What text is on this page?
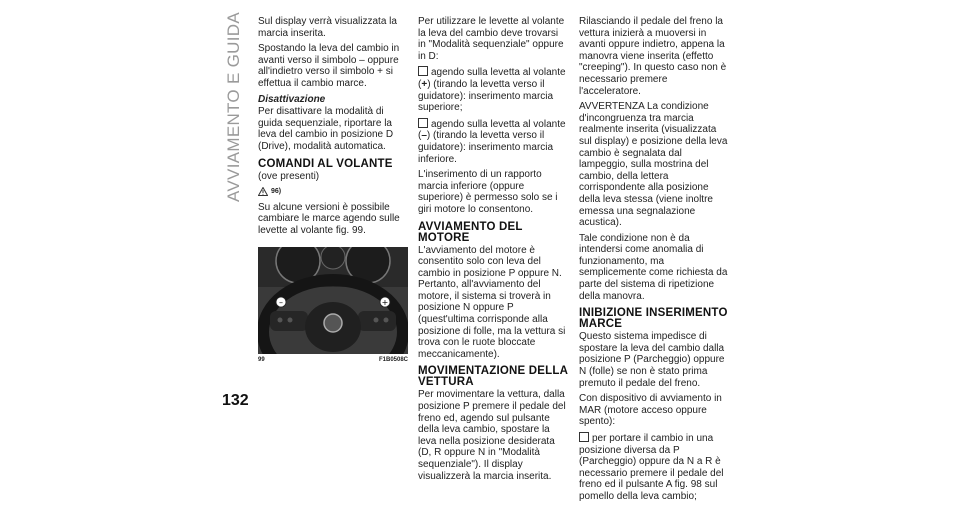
AVVIAMENTO E GUIDA
132

Sul display verrà visualizzata la marcia inserita.

Spostando la leva del cambio in avanti verso il simbolo – oppure all'indietro verso il simbolo + si effettua il cambio marce.

Disattivazione

Per disattivare la modalità di guida sequenziale, riportare la leva del cambio in posizione D (Drive), modalità automatica.

COMANDI AL VOLANTE

(ove presenti)

96)

Su alcune versioni è possibile cambiare le marce agendo sulle levette al volante fig. 99.

–	+
99	F1B0508C

Per utilizzare le levette al volante la leva del cambio deve trovarsi in "Modalità sequenziale" oppure in D:

agendo sulla levetta al volante (+) (tirando la levetta verso il guidatore): inserimento marcia superiore;

agendo sulla levetta al volante (–) (tirando la levetta verso il guidatore): inserimento marcia inferiore.

L'inserimento di un rapporto marcia inferiore (oppure superiore) è permesso solo se i giri motore lo consentono.

AVVIAMENTO DEL MOTORE

L'avviamento del motore è consentito solo con leva del cambio in posizione P oppure N. Pertanto, all'avviamento del motore, il sistema si troverà in posizione N oppure P (quest'ultima corrisponde alla posizione di folle, ma la vettura si trova con le ruote bloccate meccanicamente).

MOVIMENTAZIONE DELLA VETTURA

Per movimentare la vettura, dalla posizione P premere il pedale del freno ed, agendo sul pulsante della leva cambio, spostare la leva nella posizione desiderata (D, R oppure N in "Modalità sequenziale"). Il display visualizzerà la marcia inserita.

Rilasciando il pedale del freno la vettura inizierà a muoversi in avanti oppure indietro, appena la manovra viene inserita (effetto "creeping"). In questo caso non è necessario premere l'acceleratore.

AVVERTENZA La condizione d'incongruenza tra marcia realmente inserita (visualizzata sul display) e posizione della leva cambio è segnalata dal lampeggio, sulla mostrina del cambio, della lettera corrispondente alla posizione della leva stessa (viene inoltre emessa una segnalazione acustica).

Tale condizione non è da intendersi come anomalia di funzionamento, ma semplicemente come richiesta da parte del sistema di ripetizione della manovra.

INIBIZIONE INSERIMENTO MARCE

Questo sistema impedisce di spostare la leva del cambio dalla posizione P (Parcheggio) oppure N (folle) se non è stato prima premuto il pedale del freno.

Con dispositivo di avviamento in MAR (motore acceso oppure spento):

per portare il cambio in una posizione diversa da P (Parcheggio) oppure da N a R è necessario premere il pedale del freno ed il pulsante A fig. 98 sul pomello della leva cambio;
